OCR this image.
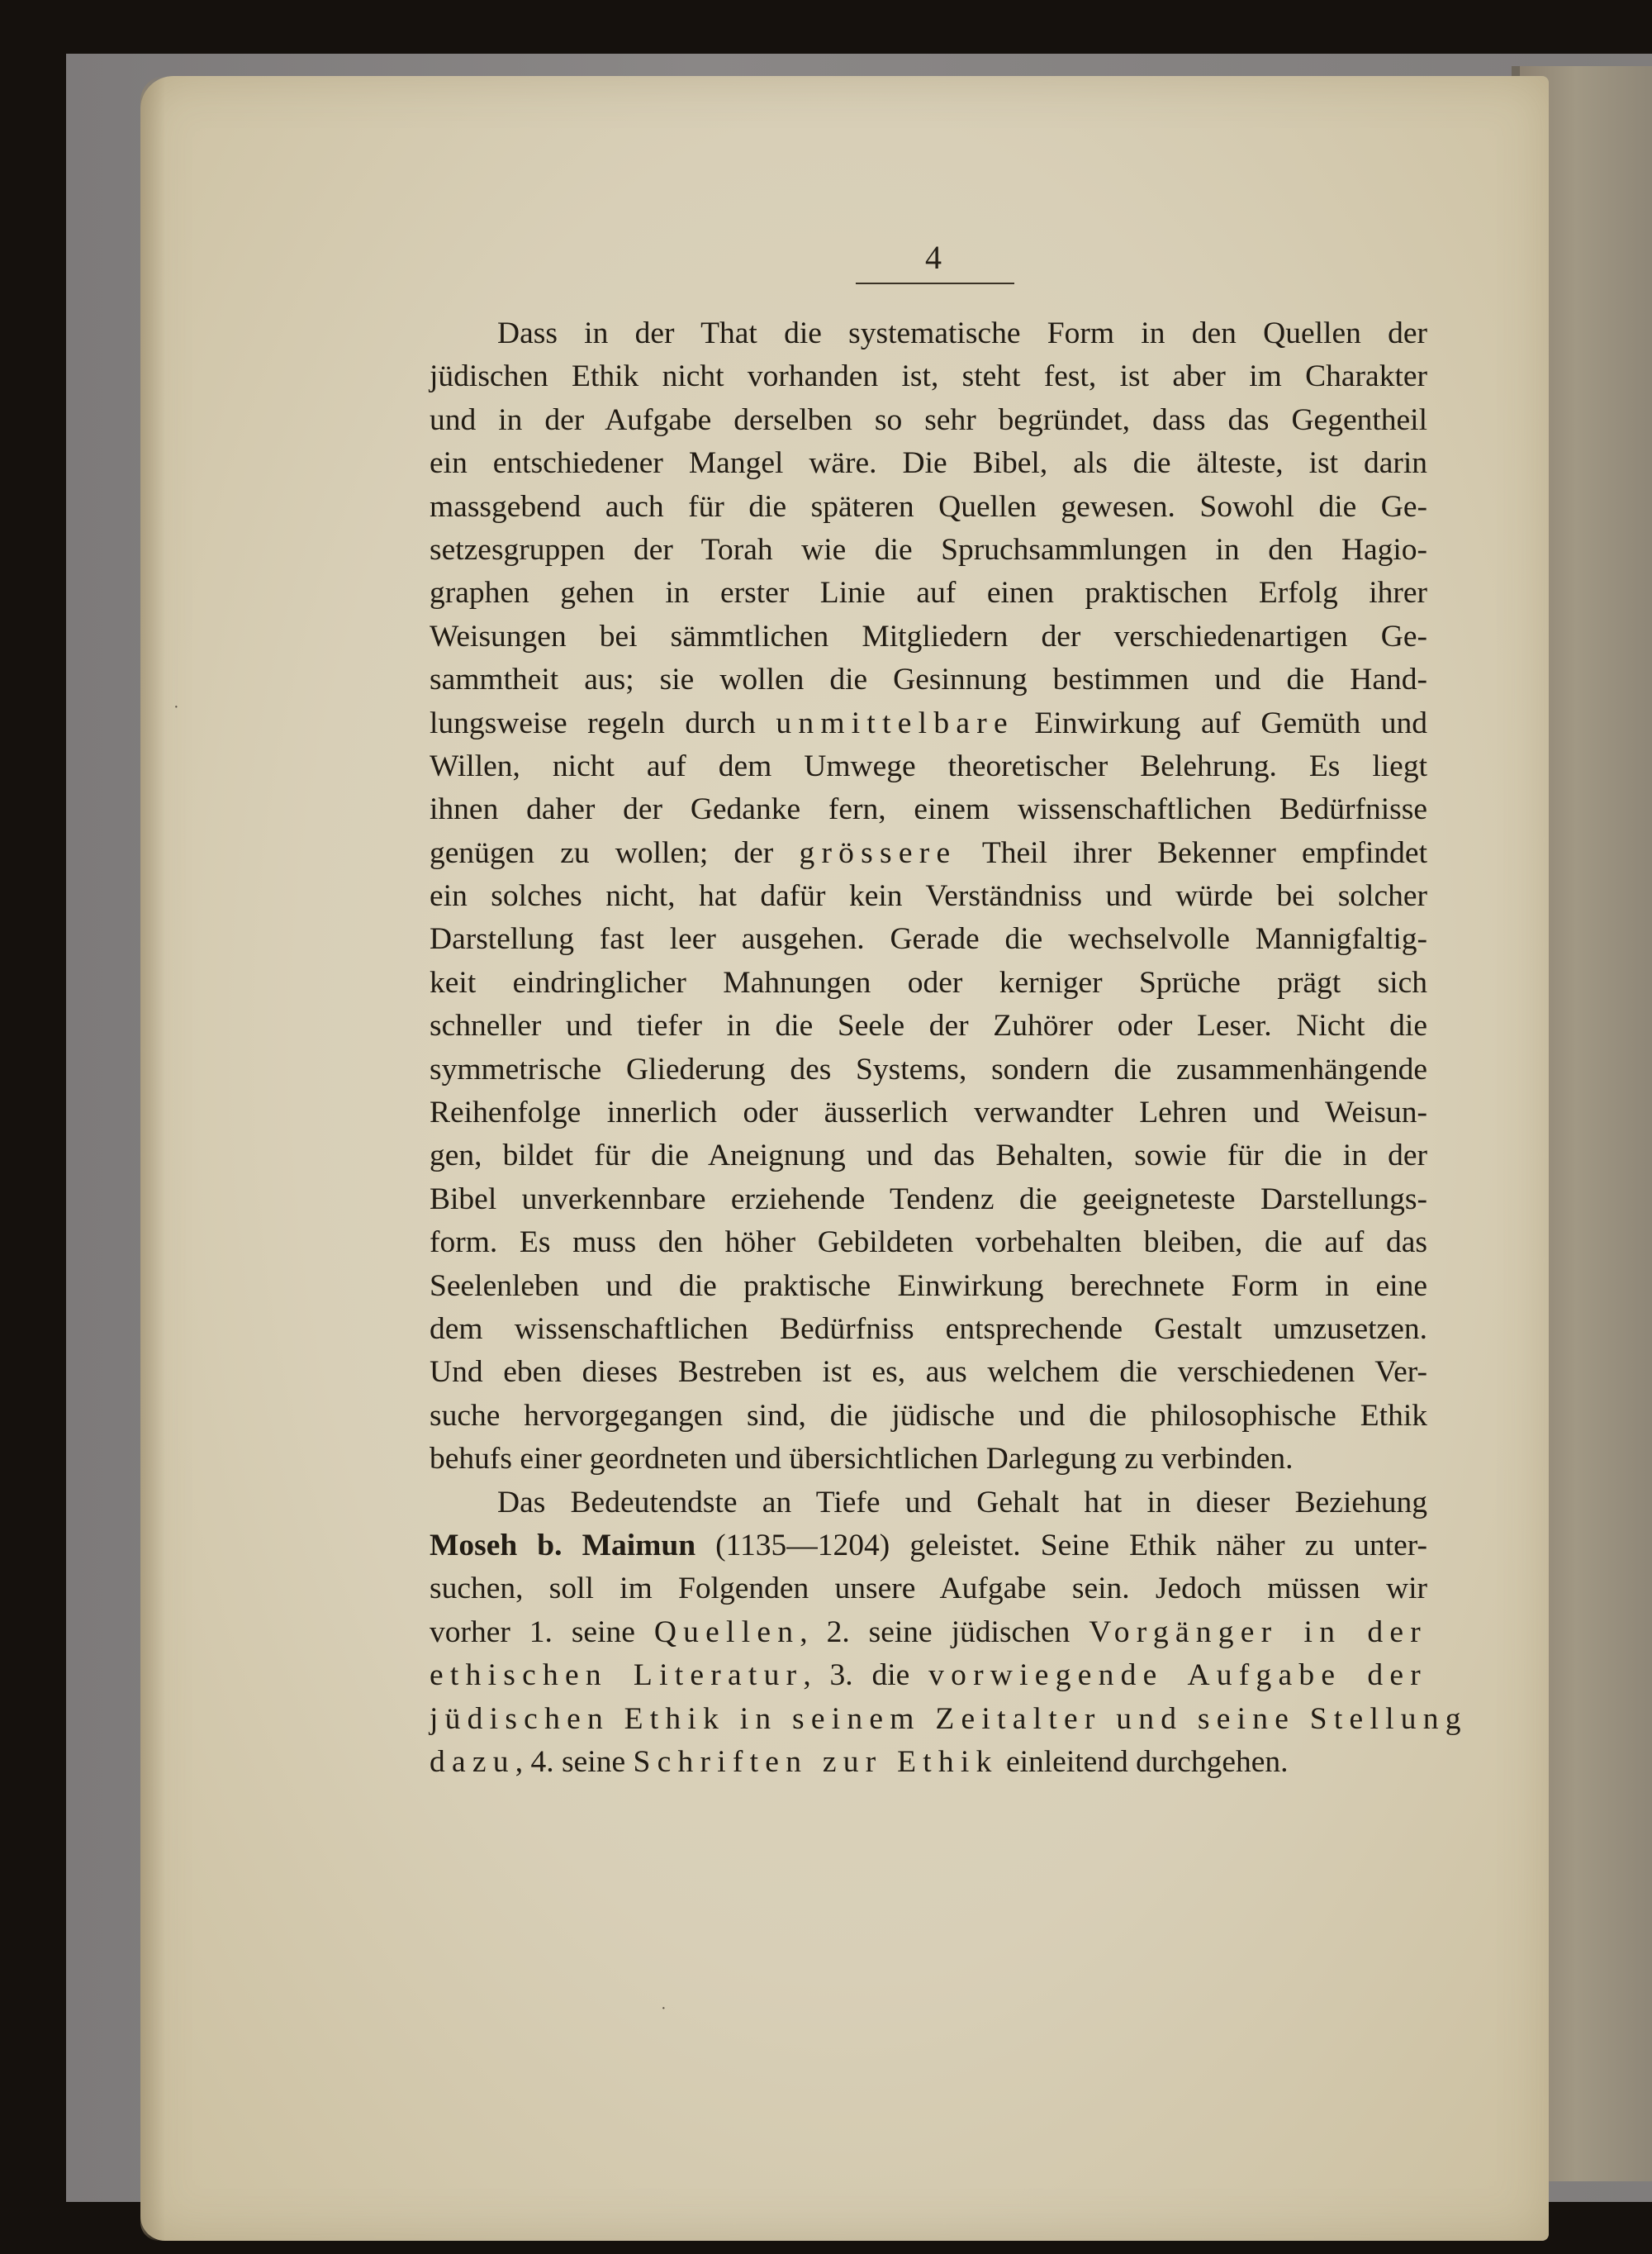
4
·
·
Dass in der That die systematische Form in den Quellen der
jüdischen Ethik nicht vorhanden ist, steht fest, ist aber im Charakter
und in der Aufgabe derselben so sehr begründet, dass das Gegentheil
ein entschiedener Mangel wäre. Die Bibel, als die älteste, ist darin
massgebend auch für die späteren Quellen gewesen. Sowohl die Ge-
setzesgruppen der Torah wie die Spruchsammlungen in den Hagio-
graphen gehen in erster Linie auf einen praktischen Erfolg ihrer
Weisungen bei sämmtlichen Mitgliedern der verschiedenartigen Ge-
sammtheit aus; sie wollen die Gesinnung bestimmen und die Hand-
lungsweise regeln durch unmittelbare Einwirkung auf Gemüth und
Willen, nicht auf dem Umwege theoretischer Belehrung. Es liegt
ihnen daher der Gedanke fern, einem wissenschaftlichen Bedürfnisse
genügen zu wollen; der grössere Theil ihrer Bekenner empfindet
ein solches nicht, hat dafür kein Verständniss und würde bei solcher
Darstellung fast leer ausgehen. Gerade die wechselvolle Mannigfaltig-
keit eindringlicher Mahnungen oder kerniger Sprüche prägt sich
schneller und tiefer in die Seele der Zuhörer oder Leser. Nicht die
symmetrische Gliederung des Systems, sondern die zusammenhängende
Reihenfolge innerlich oder äusserlich verwandter Lehren und Weisun-
gen, bildet für die Aneignung und das Behalten, sowie für die in der
Bibel unverkennbare erziehende Tendenz die geeigneteste Darstellungs-
form. Es muss den höher Gebildeten vorbehalten bleiben, die auf das
Seelenleben und die praktische Einwirkung berechnete Form in eine
dem wissenschaftlichen Bedürfniss entsprechende Gestalt umzusetzen.
Und eben dieses Bestreben ist es, aus welchem die verschiedenen Ver-
suche hervorgegangen sind, die jüdische und die philosophische Ethik
behufs einer geordneten und übersichtlichen Darlegung zu verbinden.
Das Bedeutendste an Tiefe und Gehalt hat in dieser Beziehung
Moseh b. Maimun (1135—1204) geleistet. Seine Ethik näher zu unter-
suchen, soll im Folgenden unsere Aufgabe sein. Jedoch müssen wir
vorher 1. seine Quellen, 2. seine jüdischen Vorgänger in der
ethischen Literatur, 3. die vorwiegende Aufgabe der
jüdischen Ethik in seinem Zeitalter und seine Stellung
dazu, 4. seine Schriften zur Ethik einleitend durchgehen.
